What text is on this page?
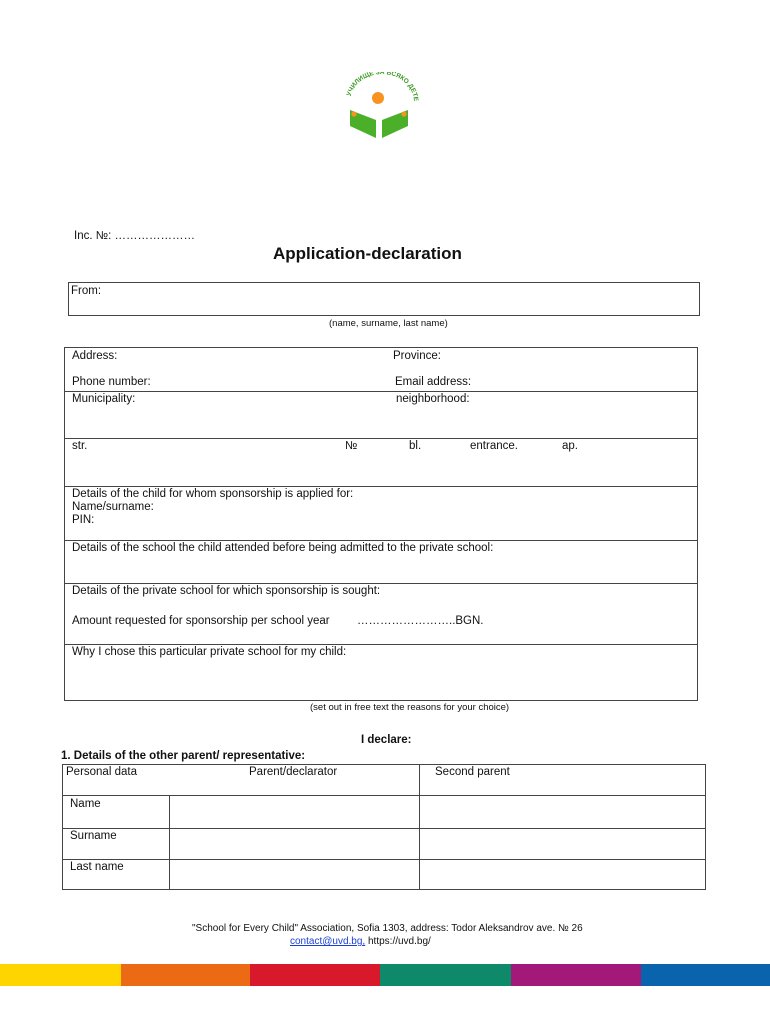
УЧИЛИЩЕ ЗА ВСЯКО ДЕТЕ
Inc. №: …………………
Application-declaration
From:
(name, surname, last name)
Address:	Province:
Phone number:	Email address:
Municipality:	neighborhood:
str.	№	bl.	entrance.	ap.
Details of the child for whom sponsorship is applied for:
Name/surname:
PIN:
Details of the school the child attended before being admitted to the private school:
Details of the private school for which sponsorship is sought:
Amount requested for sponsorship per school year ……………………..BGN.
Why I chose this particular private school for my child:
(set out in free text the reasons for your choice)
I declare:
1. Details of the other parent/ representative:
Personal data	Parent/declarator	Second parent
Name
Surname
Last name
"School for Every Child" Association, Sofia 1303, address: Todor Aleksandrov ave. № 26
contact@uvd.bg, https://uvd.bg/
